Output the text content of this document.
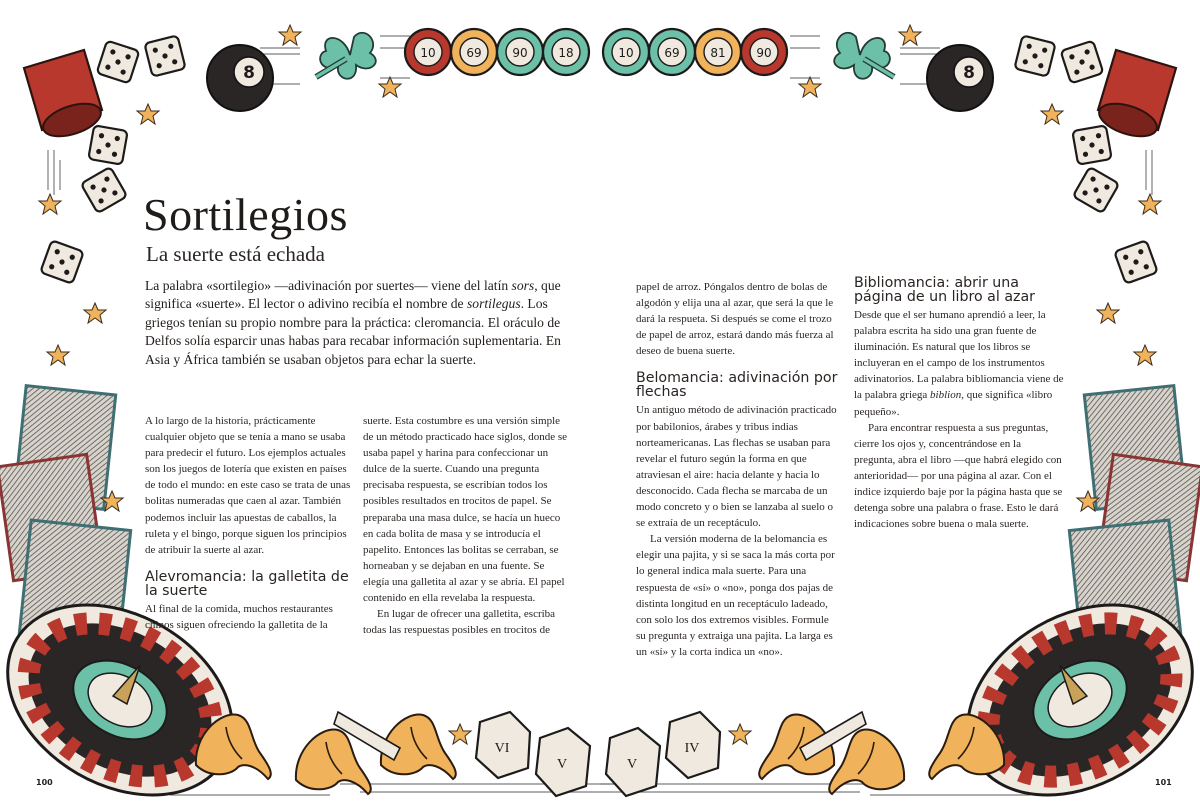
VI
V	V
IV
10	69	90	18	10	69	81	90
8	8
Sortilegios
La suerte está echada
La palabra «sortilegio» —adivinación por suertes— viene del latín sors, que significa «suerte». El lector o adivino recibía el nombre de sortilegus. Los griegos tenían su propio nombre para la práctica: cleromancia. El oráculo de Delfos solía esparcir unas habas para recabar información suplementaria. En Asia y África también se usaban objetos para echar la suerte.

A lo largo de la historia, prácticamente cualquier objeto que se tenía a mano se usaba para predecir el futuro. Los ejemplos actuales son los juegos de lotería que existen en países de todo el mundo: en este caso se trata de unas bolitas numeradas que caen al azar. También podemos incluir las apuestas de caballos, la ruleta y el bingo, porque siguen los principios de atribuir la suerte al azar.

Alevromancia: la galletita de la suerte

Al final de la comida, muchos restaurantes chinos siguen ofreciendo la galletita de la

suerte. Esta costumbre es una versión simple de un método practicado hace siglos, donde se usaba papel y harina para confeccionar un dulce de la suerte. Cuando una pregunta precisaba respuesta, se escribían todos los posibles resultados en trocitos de papel. Se preparaba una masa dulce, se hacía un hueco en cada bolita de masa y se introducía el papelito. Entonces las bolitas se cerraban, se horneaban y se dejaban en una fuente. Se elegía una galletita al azar y se abría. El papel contenido en ella revelaba la respuesta.

En lugar de ofrecer una galletita, escriba todas las respuestas posibles en trocitos de

papel de arroz. Póngalos dentro de bolas de algodón y elija una al azar, que será la que le dará la respueta. Si después se come el trozo de papel de arroz, estará dando más fuerza al deseo de buena suerte.

Belomancia: adivinación por flechas

Un antiguo método de adivinación practicado por babilonios, árabes y tribus indias norteamericanas. Las flechas se usaban para revelar el futuro según la forma en que atraviesan el aire: hacia delante y hacia lo desconocido. Cada flecha se marcaba de un modo concreto y o bien se lanzaba al suelo o se extraía de un receptáculo.

La versión moderna de la belomancia es elegir una pajita, y si se saca la más corta por lo general indica mala suerte. Para una respuesta de «sí» o «no», ponga dos pajas de distinta longitud en un receptáculo ladeado, con solo los dos extremos visibles. Formule su pregunta y extraiga una pajita. La larga es un «sí» y la corta indica un «no».

Bibliomancia: abrir una página de un libro al azar

Desde que el ser humano aprendió a leer, la palabra escrita ha sido una gran fuente de iluminación. Es natural que los libros se incluyeran en el campo de los instrumentos adivinatorios. La palabra bibliomancia viene de la palabra griega biblion, que significa «libro pequeño».

Para encontrar respuesta a sus preguntas, cierre los ojos y, concentrándose en la pregunta, abra el libro —que habrá elegido con anterioridad— por una página al azar. Con el índice izquierdo baje por la página hasta que se detenga sobre una palabra o frase. Esto le dará indicaciones sobre buena o mala suerte.

100	101
